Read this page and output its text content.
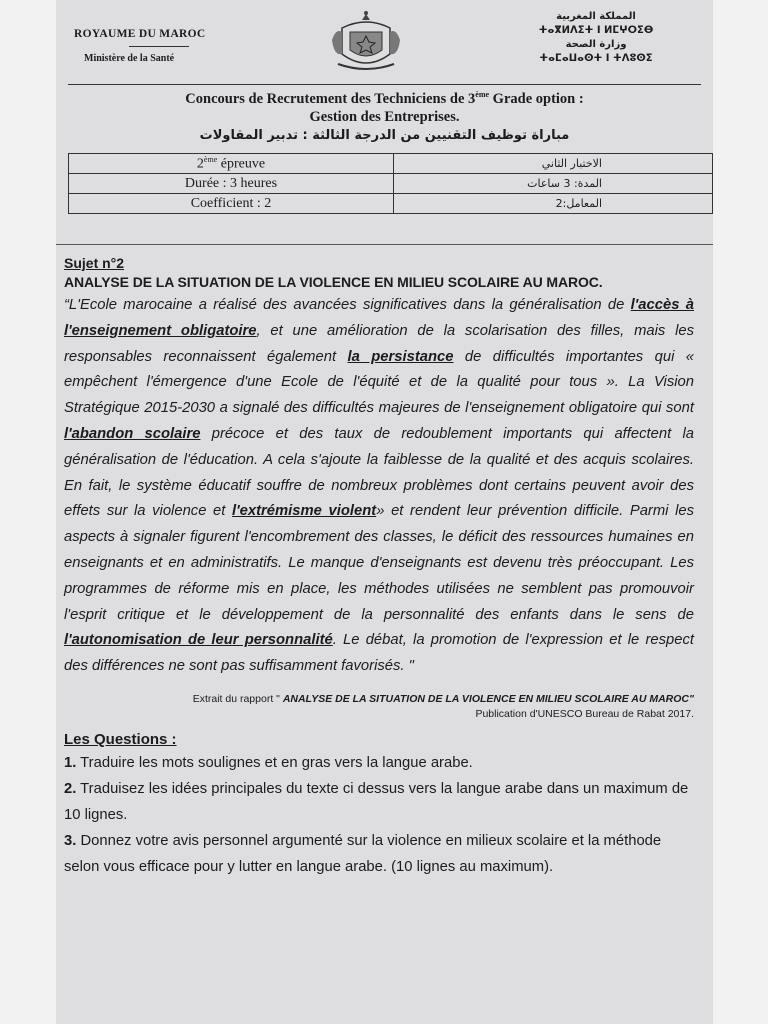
ROYAUME DU MAROC
Ministère de la Santé
المملكة المغربية
ⵜⴰⴳⵍⴷⵉⵜ ⵏ ⵍⵎⵖⵔⵉⴱ
وزارة الصحة
ⵜⴰⵎⴰⵡⴰⵙⵜ ⵏ ⵜⴷⵓⵙⵉ
Concours de Recrutement des Techniciens de 3ème Grade option :
Gestion des Entreprises.
مباراة توظيف التقنيين من الدرجة الثالثة : تدبير المقاولات
2ème épreuve	الاختبار الثاني
Durée : 3 heures	المدة: 3 ساعات
Coefficient : 2	المعامل:2
Sujet n°2
ANALYSE DE LA SITUATION DE LA VIOLENCE EN MILIEU SCOLAIRE AU MAROC.
“L'Ecole marocaine a réalisé des avancées significatives dans la généralisation de l'accès à l'enseignement obligatoire, et une amélioration de la scolarisation des filles, mais les responsables reconnaissent également la persistance de difficultés importantes qui « empêchent l'émergence d'une Ecole de l'équité et de la qualité pour tous ». La Vision Stratégique 2015-2030 a signalé des difficultés majeures de l'enseignement obligatoire qui sont l'abandon scolaire précoce et des taux de redoublement importants qui affectent la généralisation de l'éducation. A cela s'ajoute la faiblesse de la qualité et des acquis scolaires. En fait, le système éducatif souffre de nombreux problèmes dont certains peuvent avoir des effets sur la violence et l'extrémisme violent» et rendent leur prévention difficile. Parmi les aspects à signaler figurent l'encombrement des classes, le déficit des ressources humaines en enseignants et en administratifs. Le manque d'enseignants est devenu très préoccupant. Les programmes de réforme mis en place, les méthodes utilisées ne semblent pas promouvoir l'esprit critique et le développement de la personnalité des enfants dans le sens de l'autonomisation de leur personnalité. Le débat, la promotion de l'expression et le respect des différences ne sont pas suffisamment favorisés. "
Extrait du rapport " ANALYSE DE LA SITUATION DE LA VIOLENCE EN MILIEU SCOLAIRE AU MAROC"
Publication d'UNESCO Bureau de Rabat 2017.
Les Questions :
1. Traduire les mots soulignes et en gras vers la langue arabe.
2. Traduisez les idées principales du texte ci dessus vers la langue arabe dans un maximum de 10 lignes.
3. Donnez votre avis personnel argumenté sur la violence en milieux scolaire et la méthode selon vous efficace pour y lutter en langue arabe. (10 lignes au maximum).
